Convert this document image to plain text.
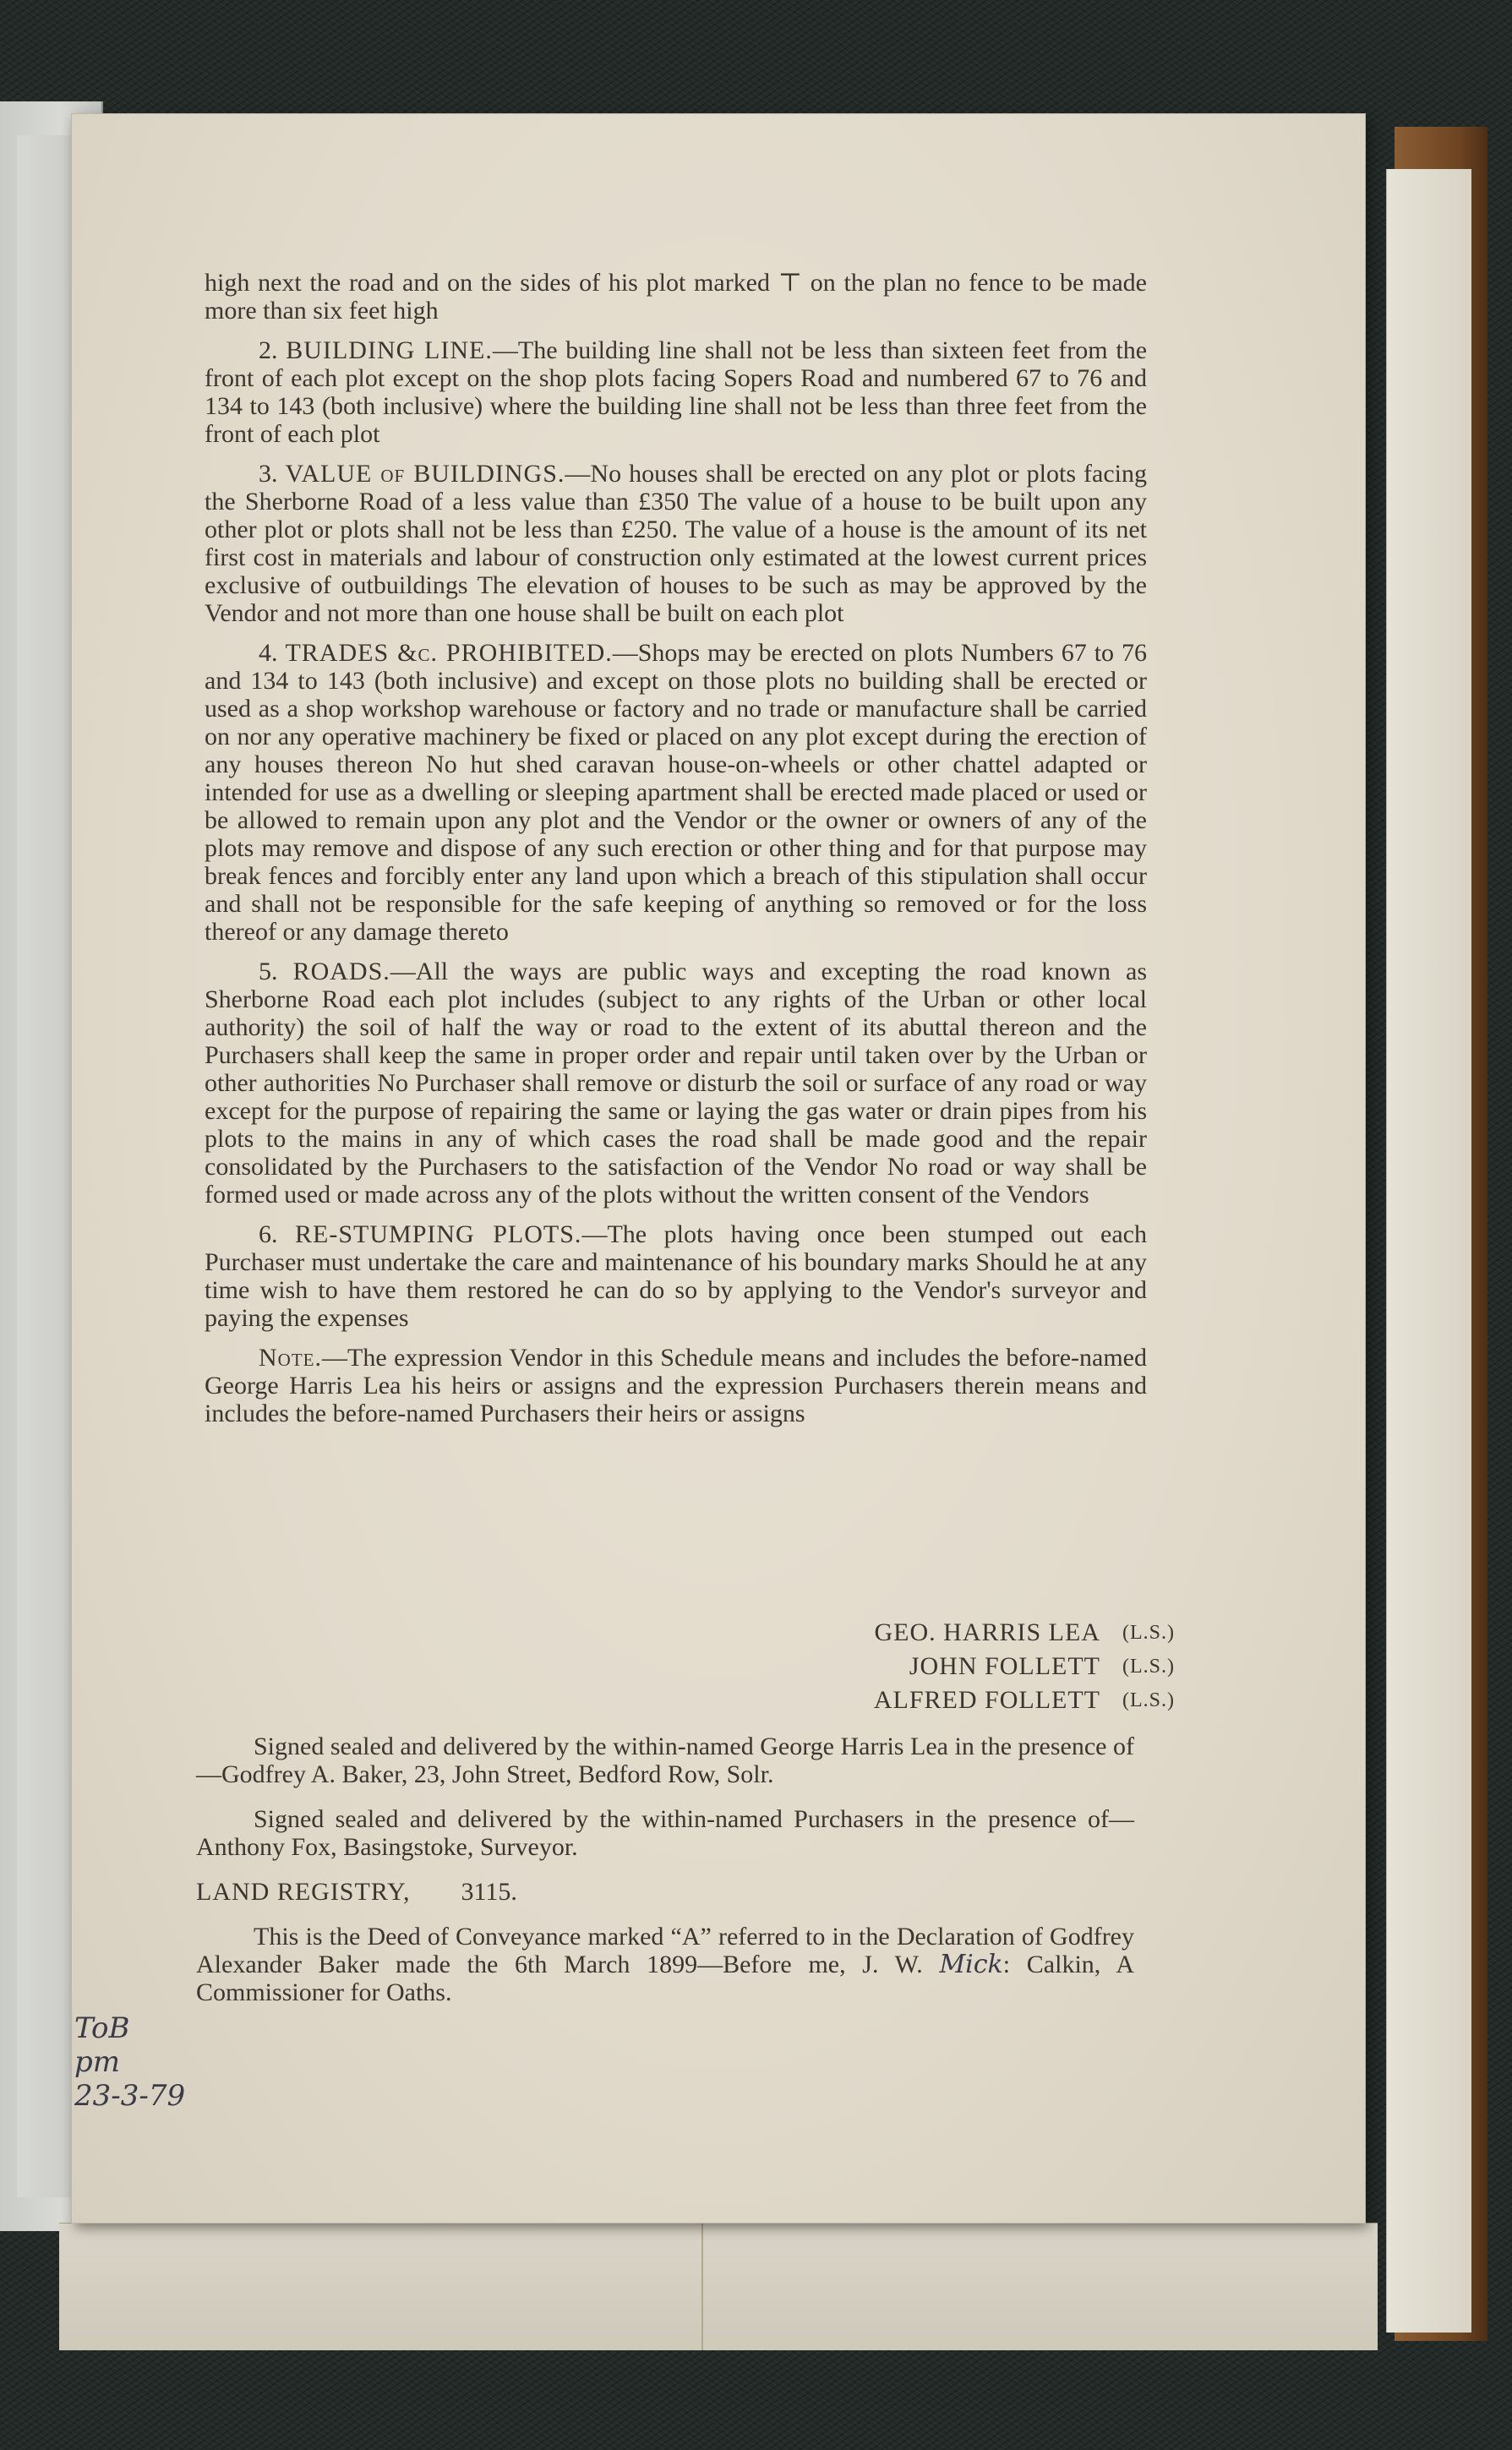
high next the road and on the sides of his plot marked ⊤ on the plan no fence to be made more than six feet high

2. BUILDING LINE.—The building line shall not be less than sixteen feet from the front of each plot except on the shop plots facing Sopers Road and numbered 67 to 76 and 134 to 143 (both inclusive) where the building line shall not be less than three feet from the front of each plot

3. VALUE of BUILDINGS.—No houses shall be erected on any plot or plots facing the Sherborne Road of a less value than £350 The value of a house to be built upon any other plot or plots shall not be less than £250. The value of a house is the amount of its net first cost in materials and labour of construction only estimated at the lowest current prices exclusive of outbuildings The elevation of houses to be such as may be approved by the Vendor and not more than one house shall be built on each plot

4. TRADES &c. PROHIBITED.—Shops may be erected on plots Numbers 67 to 76 and 134 to 143 (both inclusive) and except on those plots no building shall be erected or used as a shop workshop warehouse or factory and no trade or manufacture shall be carried on nor any operative machinery be fixed or placed on any plot except during the erection of any houses thereon No hut shed caravan house-on-wheels or other chattel adapted or intended for use as a dwelling or sleeping apartment shall be erected made placed or used or be allowed to remain upon any plot and the Vendor or the owner or owners of any of the plots may remove and dispose of any such erection or other thing and for that purpose may break fences and forcibly enter any land upon which a breach of this stipulation shall occur and shall not be responsible for the safe keeping of anything so removed or for the loss thereof or any damage thereto

5. ROADS.—All the ways are public ways and excepting the road known as Sherborne Road each plot includes (subject to any rights of the Urban or other local authority) the soil of half the way or road to the extent of its abuttal thereon and the Purchasers shall keep the same in proper order and repair until taken over by the Urban or other authorities No Purchaser shall remove or disturb the soil or surface of any road or way except for the purpose of repairing the same or laying the gas water or drain pipes from his plots to the mains in any of which cases the road shall be made good and the repair consolidated by the Purchasers to the satisfaction of the Vendor No road or way shall be formed used or made across any of the plots without the written consent of the Vendors

6. RE-STUMPING PLOTS.—The plots having once been stumped out each Purchaser must undertake the care and maintenance of his boundary marks Should he at any time wish to have them restored he can do so by applying to the Vendor's surveyor and paying the expenses

Note.—The expression Vendor in this Schedule means and includes the before-named George Harris Lea his heirs or assigns and the expression Purchasers therein means and includes the before-named Purchasers their heirs or assigns

GEO. HARRIS LEA	(L.S.)
JOHN FOLLETT	(L.S.)
ALFRED FOLLETT	(L.S.)

Signed sealed and delivered by the within-named George Harris Lea in the presence of—Godfrey A. Baker, 23, John Street, Bedford Row, Solr.

Signed sealed and delivered by the within-named Purchasers in the presence of—Anthony Fox, Basingstoke, Surveyor.

LAND REGISTRY, 3115.

This is the Deed of Conveyance marked “A” referred to in the Declaration of Godfrey Alexander Baker made the 6th March 1899—Before me, J. W. Mick: Calkin, A Commissioner for Oaths.

ToB
pm
23-3-79
